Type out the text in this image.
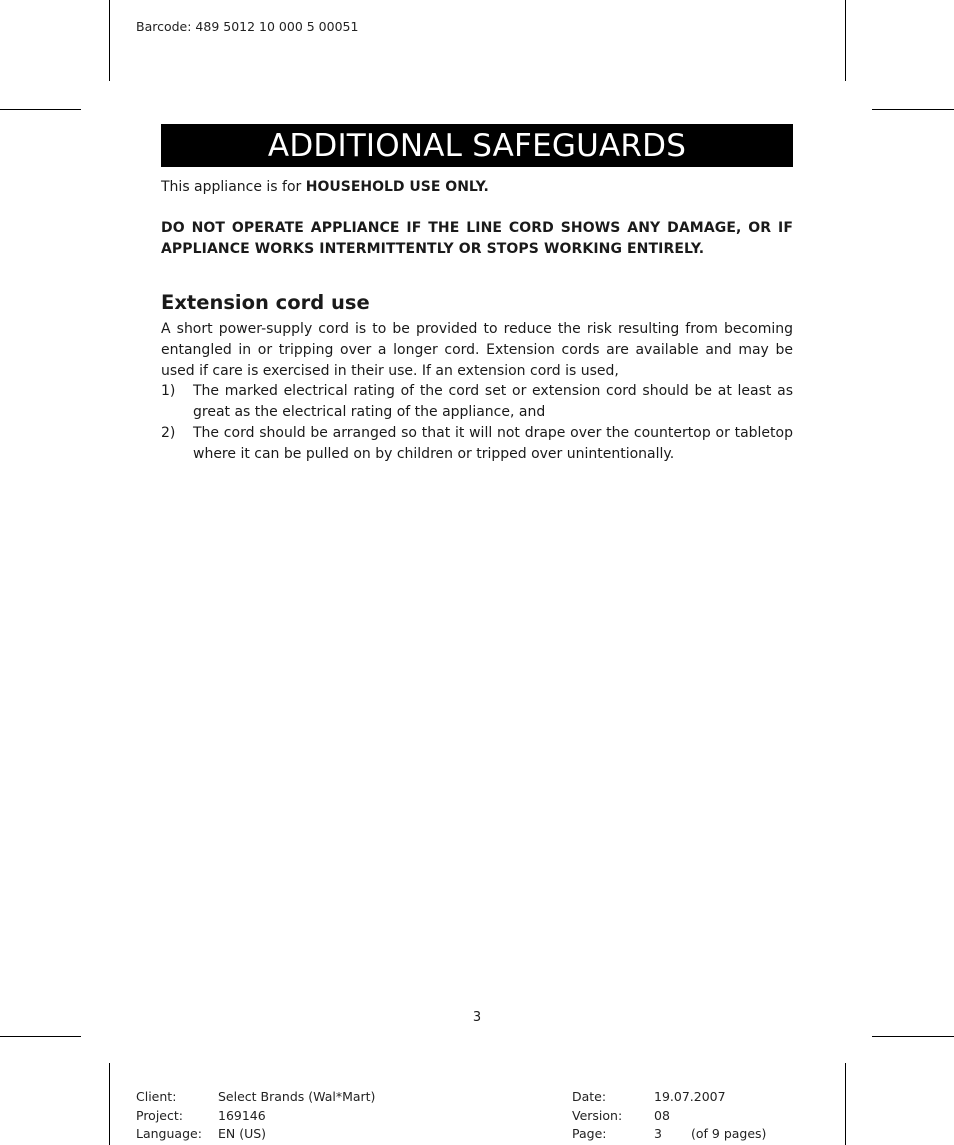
Barcode: 489 5012 10 000 5 00051
ADDITIONAL SAFEGUARDS

This appliance is for HOUSEHOLD USE ONLY.

DO NOT OPERATE APPLIANCE IF THE LINE CORD SHOWS ANY DAMAGE, OR IF APPLIANCE WORKS INTERMITTENTLY OR STOPS WORKING ENTIRELY.

Extension cord use

A short power-supply cord is to be provided to reduce the risk resulting from becoming entangled in or tripping over a longer cord. Extension cords are available and may be used if care is exercised in their use. If an extension cord is used,

1)	The marked electrical rating of the cord set or extension cord should be at least as great as the electrical rating of the appliance, and
2)	The cord should be arranged so that it will not drape over the countertop or tabletop where it can be pulled on by children or tripped over unintentionally.
3
Client:	Select Brands (Wal*Mart)
Project:	169146
Language:	EN (US)
Date:	19.07.2007
Version:	08
Page:	3	(of 9 pages)
